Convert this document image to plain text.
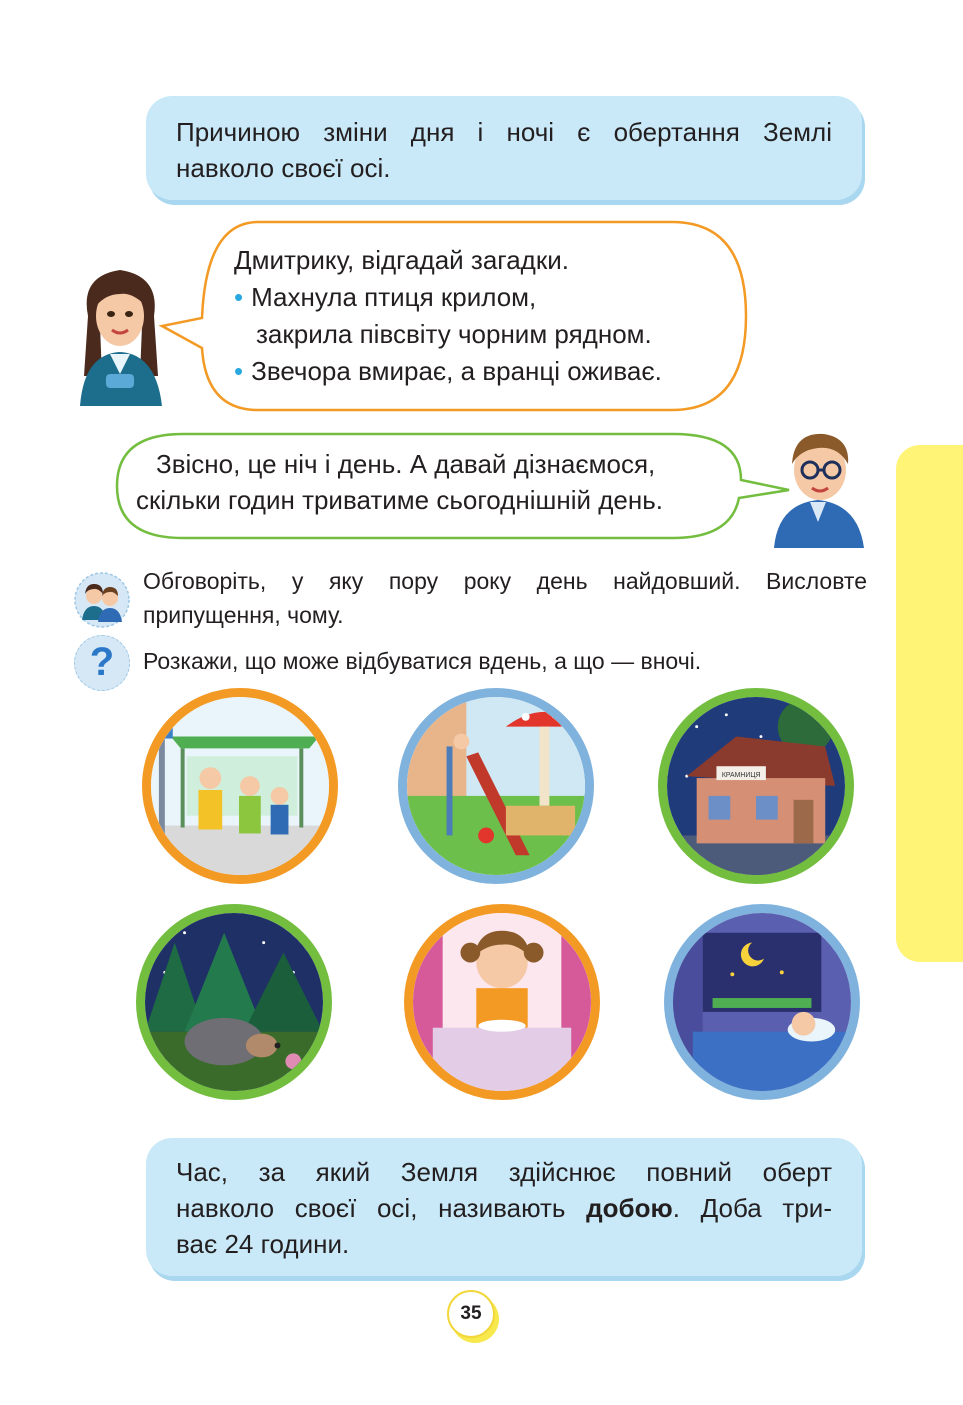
Причиною зміни дня і ночі є обертання Землі
навколо своєї осі.
Дмитрику, відгадай загадки.
• Махнула птиця крилом,
закрила півсвіту чорним рядном.
• Звечора вмирає, а вранці оживає.
Звісно, це ніч і день. А давай дізнаємося,
скільки годин триватиме сьогоднішній день.
Обговоріть, у яку пору року день найдовший. Висловте
припущення, чому.
?	Розкажи, що може відбуватися вдень, а що — вночі.
КРАМНИЦЯ
Час, за який Земля здійснює повний оберт
навколо своєї осі, називають добою. Доба три-
ває 24 години.
35
